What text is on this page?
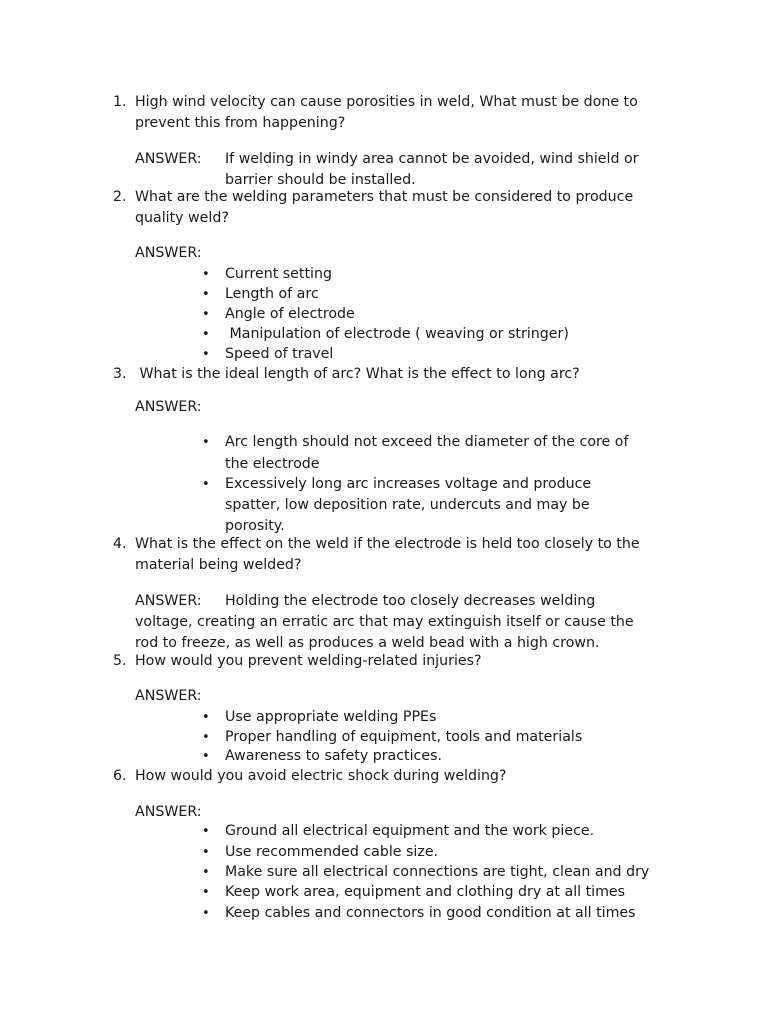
1. High wind velocity can cause porosities in weld, What must be done to
prevent this from happening?
ANSWER: If welding in windy area cannot be avoided, wind shield or
barrier should be installed.
2. What are the welding parameters that must be considered to produce
quality weld?
ANSWER:
• Current setting
• Length of arc
• Angle of electrode
• Manipulation of electrode ( weaving or stringer)
• Speed of travel
3. What is the ideal length of arc? What is the effect to long arc?
ANSWER:
• Arc length should not exceed the diameter of the core of
the electrode
• Excessively long arc increases voltage and produce
spatter, low deposition rate, undercuts and may be
porosity.
4. What is the effect on the weld if the electrode is held too closely to the
material being welded?
ANSWER: Holding the electrode too closely decreases welding
voltage, creating an erratic arc that may extinguish itself or cause the
rod to freeze, as well as produces a weld bead with a high crown.
5. How would you prevent welding-related injuries?
ANSWER:
• Use appropriate welding PPEs
• Proper handling of equipment, tools and materials
• Awareness to safety practices.
6. How would you avoid electric shock during welding?
ANSWER:
• Ground all electrical equipment and the work piece.
• Use recommended cable size.
• Make sure all electrical connections are tight, clean and dry
• Keep work area, equipment and clothing dry at all times
• Keep cables and connectors in good condition at all times
